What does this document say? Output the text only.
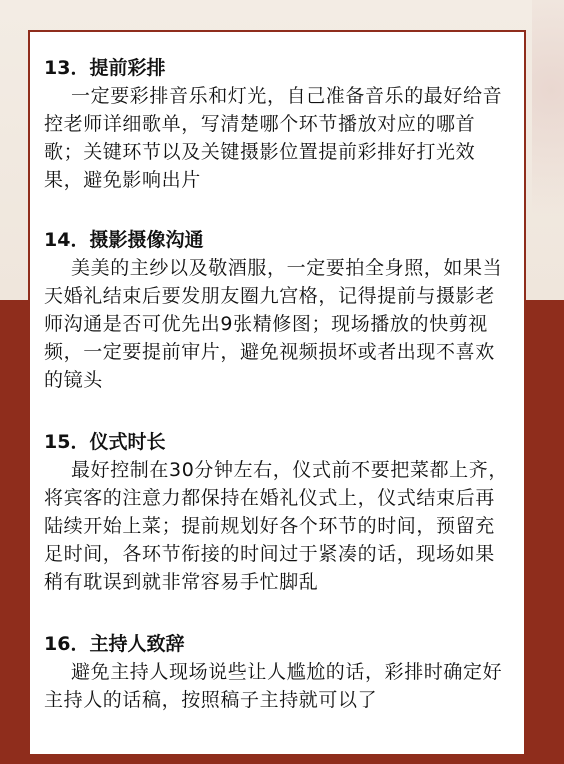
13．提前彩排

一定要彩排音乐和灯光，自己准备音乐的最好给音控老师详细歌单，写清楚哪个环节播放对应的哪首歌；关键环节以及关键摄影位置提前彩排好打光效果，避免影响出片

14．摄影摄像沟通

美美的主纱以及敬酒服，一定要拍全身照，如果当天婚礼结束后要发朋友圈九宫格，记得提前与摄影老师沟通是否可优先出9张精修图；现场播放的快剪视频，一定要提前审片，避免视频损坏或者出现不喜欢的镜头

15．仪式时长

最好控制在30分钟左右，仪式前不要把菜都上齐，将宾客的注意力都保持在婚礼仪式上，仪式结束后再陆续开始上菜；提前规划好各个环节的时间，预留充足时间，各环节衔接的时间过于紧凑的话，现场如果稍有耽误到就非常容易手忙脚乱

16．主持人致辞

避免主持人现场说些让人尴尬的话，彩排时确定好主持人的话稿，按照稿子主持就可以了
